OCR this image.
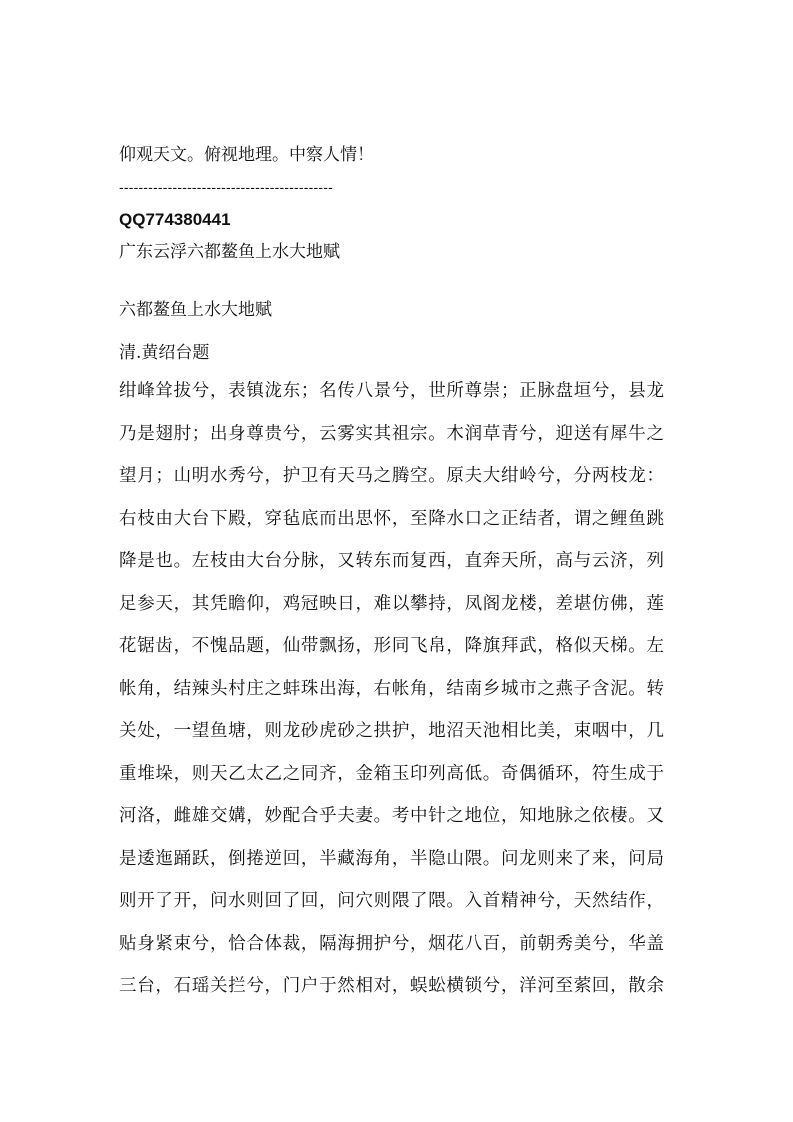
仰观天文。俯视地理。中察人情！
--------------------------------------------
QQ774380441
广东云浮六都鳌鱼上水大地赋
六都鳌鱼上水大地赋
清.黄绍台题
绀峰耸拔兮，表镇泷东；名传八景兮，世所尊崇；正脉盘垣兮，县龙
乃是翅肘；出身尊贵兮，云雾实其祖宗。木润草青兮，迎送有犀牛之
望月；山明水秀兮，护卫有天马之腾空。原夫大绀岭兮，分两枝龙：
右枝由大台下殿，穿毡底而出思怀，至降水口之正结者，谓之鲤鱼跳
降是也。左枝由大台分脉，又转东而复西，直奔天所，高与云济，列
足参天，其凭瞻仰，鸡冠映日，难以攀持，凤阁龙楼，差堪仿佛，莲
花锯齿，不愧品题，仙带飘扬，形同飞帛，降旗拜武，格似天梯。左
帐角，结辣头村庄之蚌珠出海，右帐角，结南乡城市之燕子含泥。转
关处，一望鱼塘，则龙砂虎砂之拱护，地沼天池相比美，束咽中，几
重堆垛，则天乙太乙之同齐，金箱玉印列高低。奇偶循环，符生成于
河洛，雌雄交媾，妙配合乎夫妻。考中针之地位，知地脉之依棲。又
是逶迤踊跃，倒捲逆回，半藏海角，半隐山隈。问龙则来了来，问局
则开了开，问水则回了回，问穴则隈了隈。入首精神兮，天然结作，
贴身紧束兮，恰合体裁，隔海拥护兮，烟花八百，前朝秀美兮，华盖
三台，石瑶关拦兮，门户于然相对，蜈蚣横锁兮，洋河至萦回，散余
